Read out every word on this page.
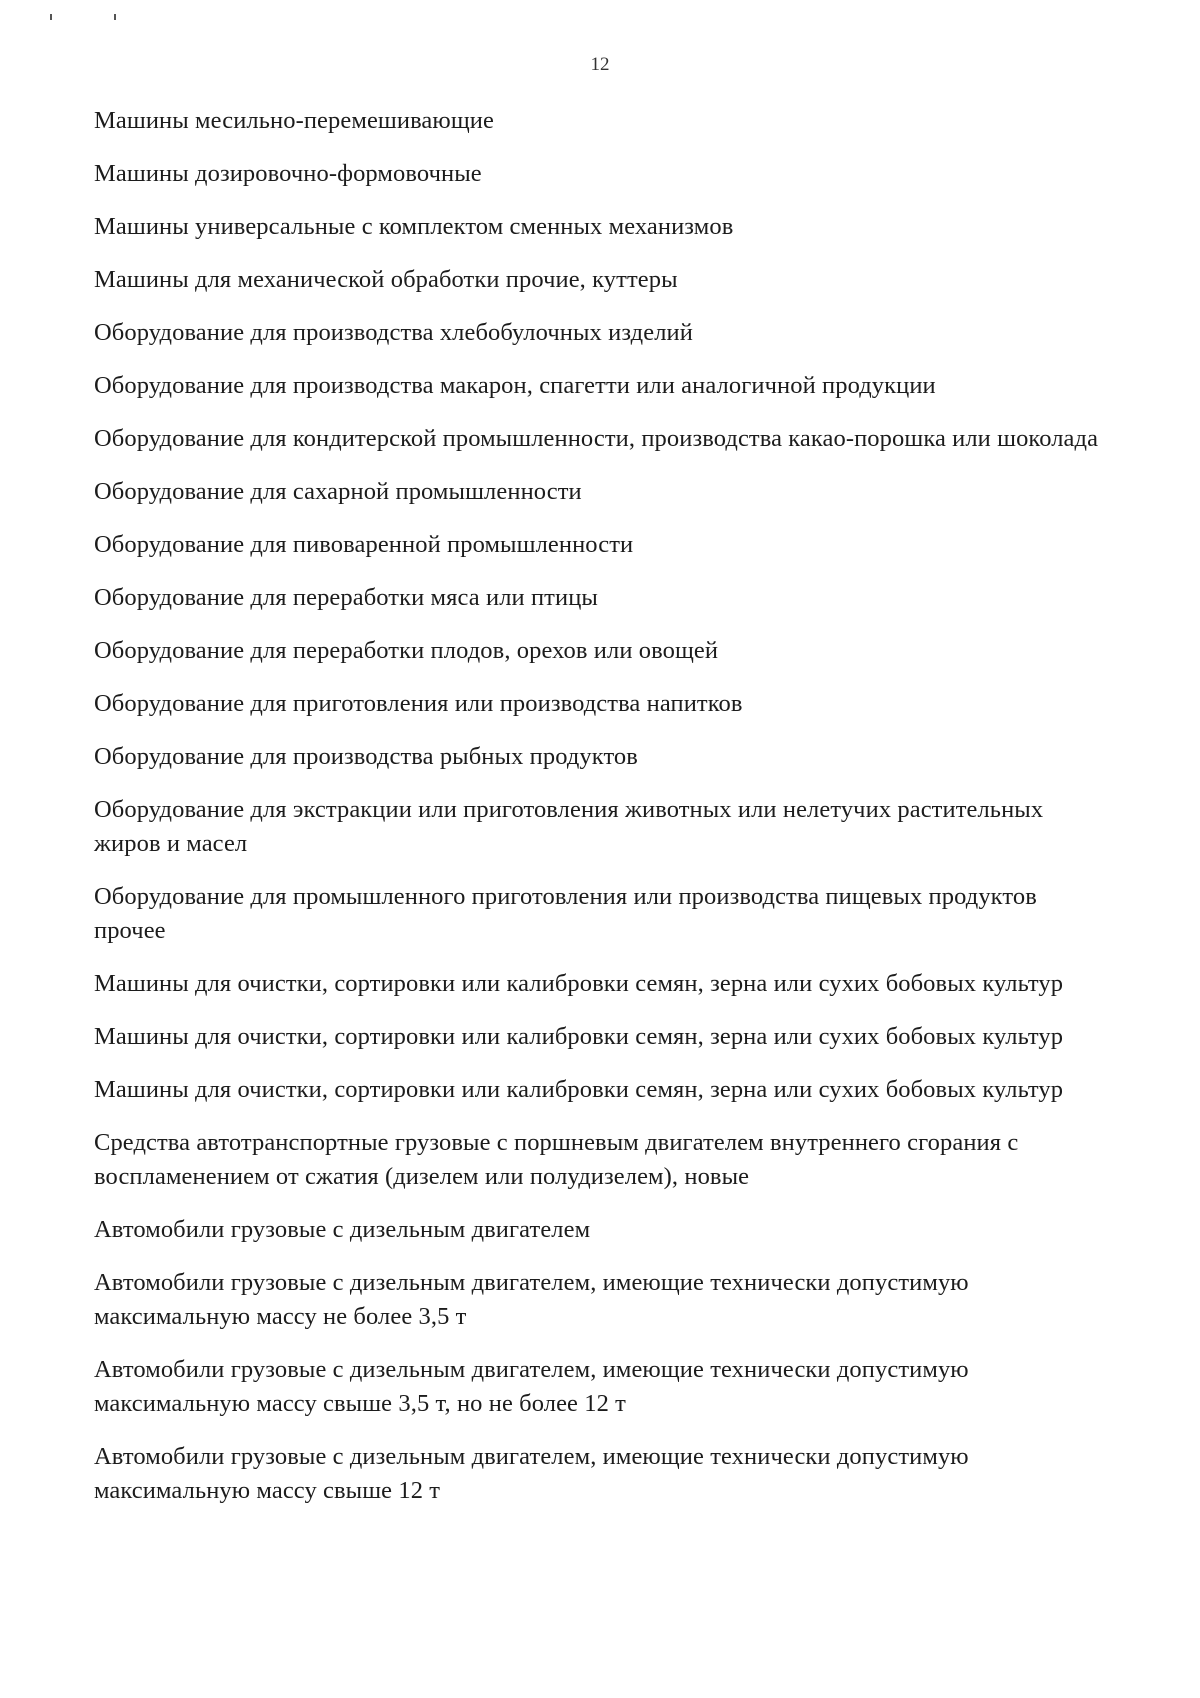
12
Машины месильно-перемешивающие
Машины дозировочно-формовочные
Машины универсальные с комплектом сменных механизмов
Машины для механической обработки прочие, куттеры
Оборудование для производства хлебобулочных изделий
Оборудование для производства макарон, спагетти или аналогичной продукции
Оборудование для кондитерской промышленности, производства какао-порошка или шоколада
Оборудование для сахарной промышленности
Оборудование для пивоваренной промышленности
Оборудование для переработки мяса или птицы
Оборудование для переработки плодов, орехов или овощей
Оборудование для приготовления или производства напитков
Оборудование для производства рыбных продуктов
Оборудование для экстракции или приготовления животных или нелетучих растительных жиров и масел
Оборудование для промышленного приготовления или производства пищевых продуктов прочее
Машины для очистки, сортировки или калибровки семян, зерна или сухих бобовых культур
Машины для очистки, сортировки или калибровки семян, зерна или сухих бобовых культур
Машины для очистки, сортировки или калибровки семян, зерна или сухих бобовых культур
Средства автотранспортные грузовые с поршневым двигателем внутреннего сгорания с воспламенением от сжатия (дизелем или полудизелем), новые
Автомобили грузовые с дизельным двигателем
Автомобили грузовые с дизельным двигателем, имеющие технически допустимую максимальную массу не более 3,5 т
Автомобили грузовые с дизельным двигателем, имеющие технически допустимую максимальную массу свыше 3,5 т, но не более 12 т
Автомобили грузовые с дизельным двигателем, имеющие технически допустимую максимальную массу свыше 12 т
